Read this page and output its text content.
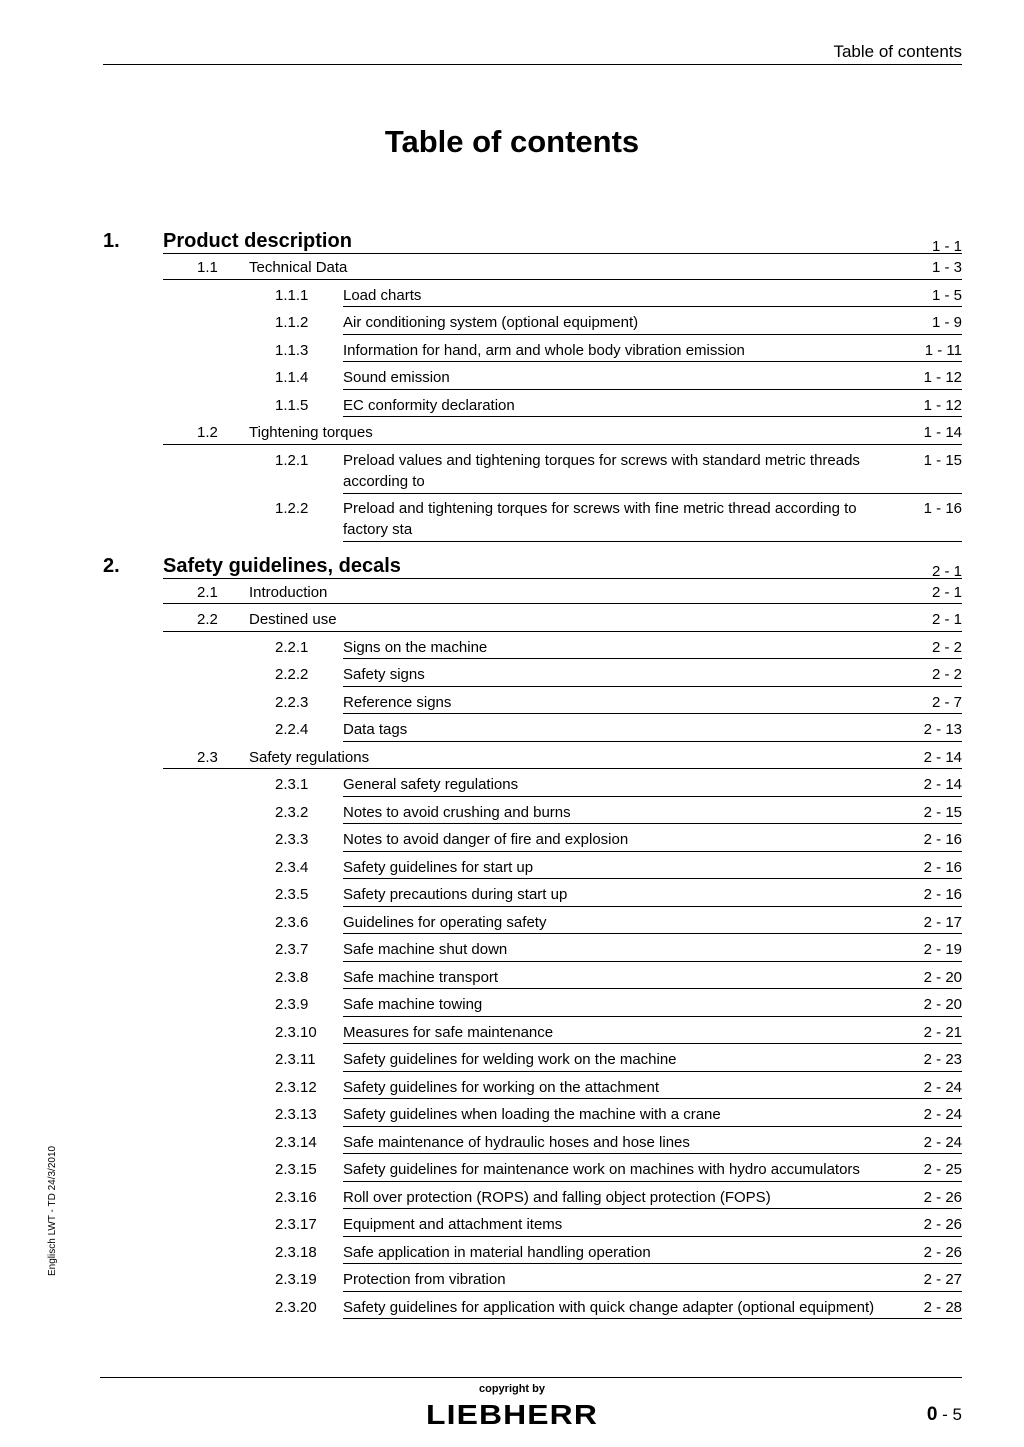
Table of contents
Table of contents
Englisch LWT - TD 24/3/2010
1. Product description	1 - 1
1.1 Technical Data	1 - 3
1.1.1 Load charts	1 - 5
1.1.2 Air conditioning system (optional equipment)	1 - 9
1.1.3 Information for hand, arm and whole body vibration emission	1 - 11
1.1.4 Sound emission	1 - 12
1.1.5 EC conformity declaration	1 - 12
1.2 Tightening torques	1 - 14
1.2.1 Preload values and tightening torques for screws with standard metric threads according to
1 - 15
1.2.2 Preload and tightening torques for screws with fine metric thread according to factory sta
1 - 16
2. Safety guidelines, decals	2 - 1
2.1 Introduction	2 - 1
2.2 Destined use	2 - 1
2.2.1 Signs on the machine	2 - 2
2.2.2 Safety signs	2 - 2
2.2.3 Reference signs	2 - 7
2.2.4 Data tags	2 - 13
2.3 Safety regulations	2 - 14
2.3.1 General safety regulations	2 - 14
2.3.2 Notes to avoid crushing and burns	2 - 15
2.3.3 Notes to avoid danger of fire and explosion	2 - 16
2.3.4 Safety guidelines for start up	2 - 16
2.3.5 Safety precautions during start up	2 - 16
2.3.6 Guidelines for operating safety	2 - 17
2.3.7 Safe machine shut down	2 - 19
2.3.8 Safe machine transport	2 - 20
2.3.9 Safe machine towing	2 - 20
2.3.10 Measures for safe maintenance	2 - 21
2.3.11 Safety guidelines for welding work on the machine	2 - 23
2.3.12 Safety guidelines for working on the attachment	2 - 24
2.3.13 Safety guidelines when loading the machine with a crane	2 - 24
2.3.14 Safe maintenance of hydraulic hoses and hose lines	2 - 24
2.3.15 Safety guidelines for maintenance work on machines with hydro accumulators	2 - 25
2.3.16 Roll over protection (ROPS) and falling object protection (FOPS)	2 - 26
2.3.17 Equipment and attachment items	2 - 26
2.3.18 Safe application in material handling operation	2 - 26
2.3.19 Protection from vibration	2 - 27
2.3.20 Safety guidelines for application with quick change adapter (optional equipment)	2 - 28
copyright by
LIEBHERR	0 - 5
